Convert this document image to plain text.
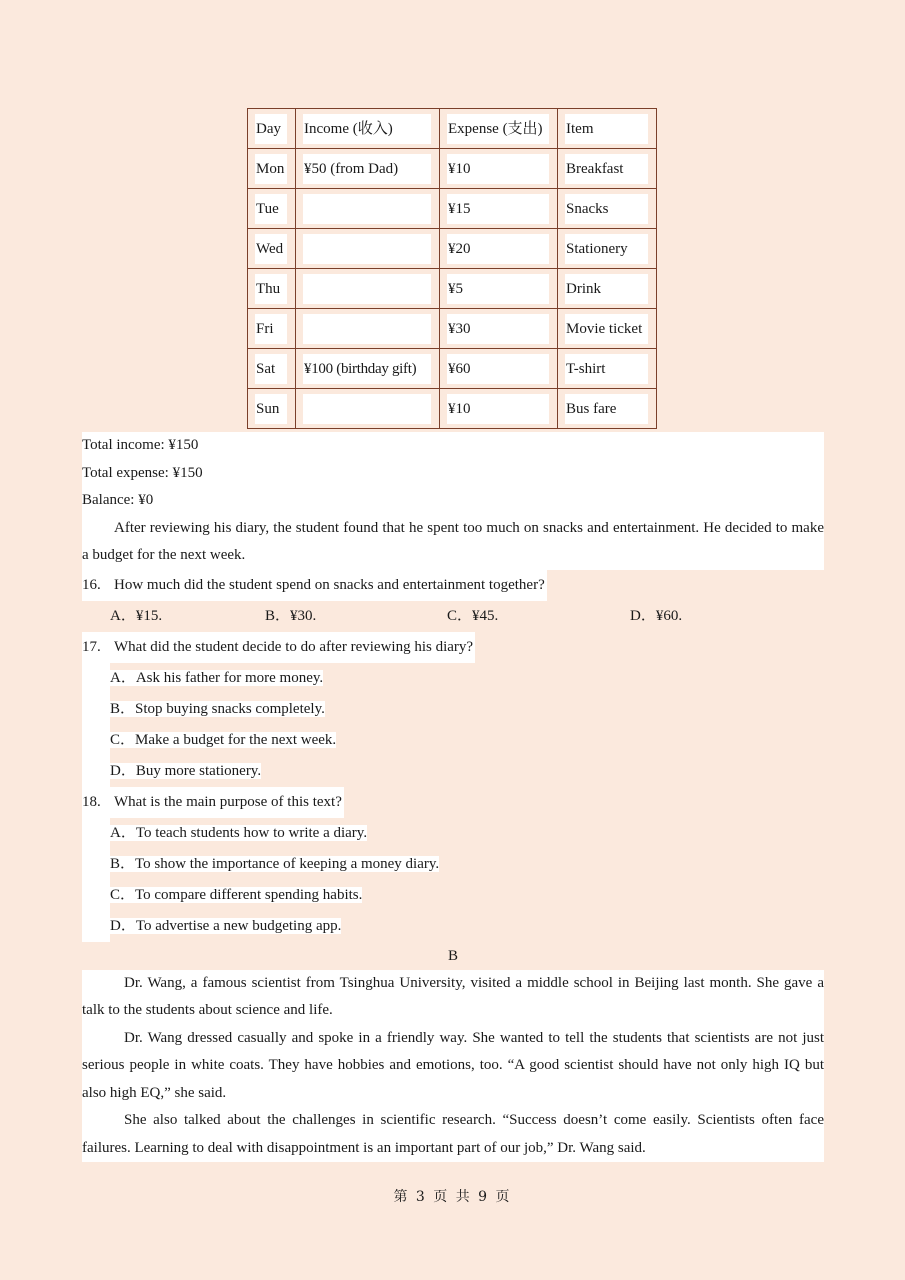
Day	Income (收入)	Expense (支出)	Item

Mon	¥50 (from Dad)	¥10	Breakfast

Tue		¥15	Snacks

Wed		¥20	Stationery

Thu		¥5	Drink

Fri		¥30	Movie ticket

Sat	¥100 (birthday gift)	¥60	T-shirt

Sun		¥10	Bus fare
Total income: ¥150
Total expense: ¥150
Balance: ¥0
After reviewing his diary, the student found that he spent too much on snacks and entertainment. He decided to make a budget for the next week.
16. How much did the student spend on snacks and entertainment together?
A．¥15.	B．¥30.	C．¥45.	D．¥60.
17. What did the student decide to do after reviewing his diary?
A．Ask his father for more money.
B．Stop buying snacks completely.
C．Make a budget for the next week.
D．Buy more stationery.
18. What is the main purpose of this text?
A．To teach students how to write a diary.
B．To show the importance of keeping a money diary.
C．To compare different spending habits.
D．To advertise a new budgeting app.
B
Dr. Wang, a famous scientist from Tsinghua University, visited a middle school in Beijing last month. She gave a talk to the students about science and life.
Dr. Wang dressed casually and spoke in a friendly way. She wanted to tell the students that scientists are not just serious people in white coats. They have hobbies and emotions, too. “A good scientist should have not only high IQ but also high EQ,” she said.
She also talked about the challenges in scientific research. “Success doesn’t come easily. Scientists often face failures. Learning to deal with disappointment is an important part of our job,” Dr. Wang said.
第 3 页 共 9 页
